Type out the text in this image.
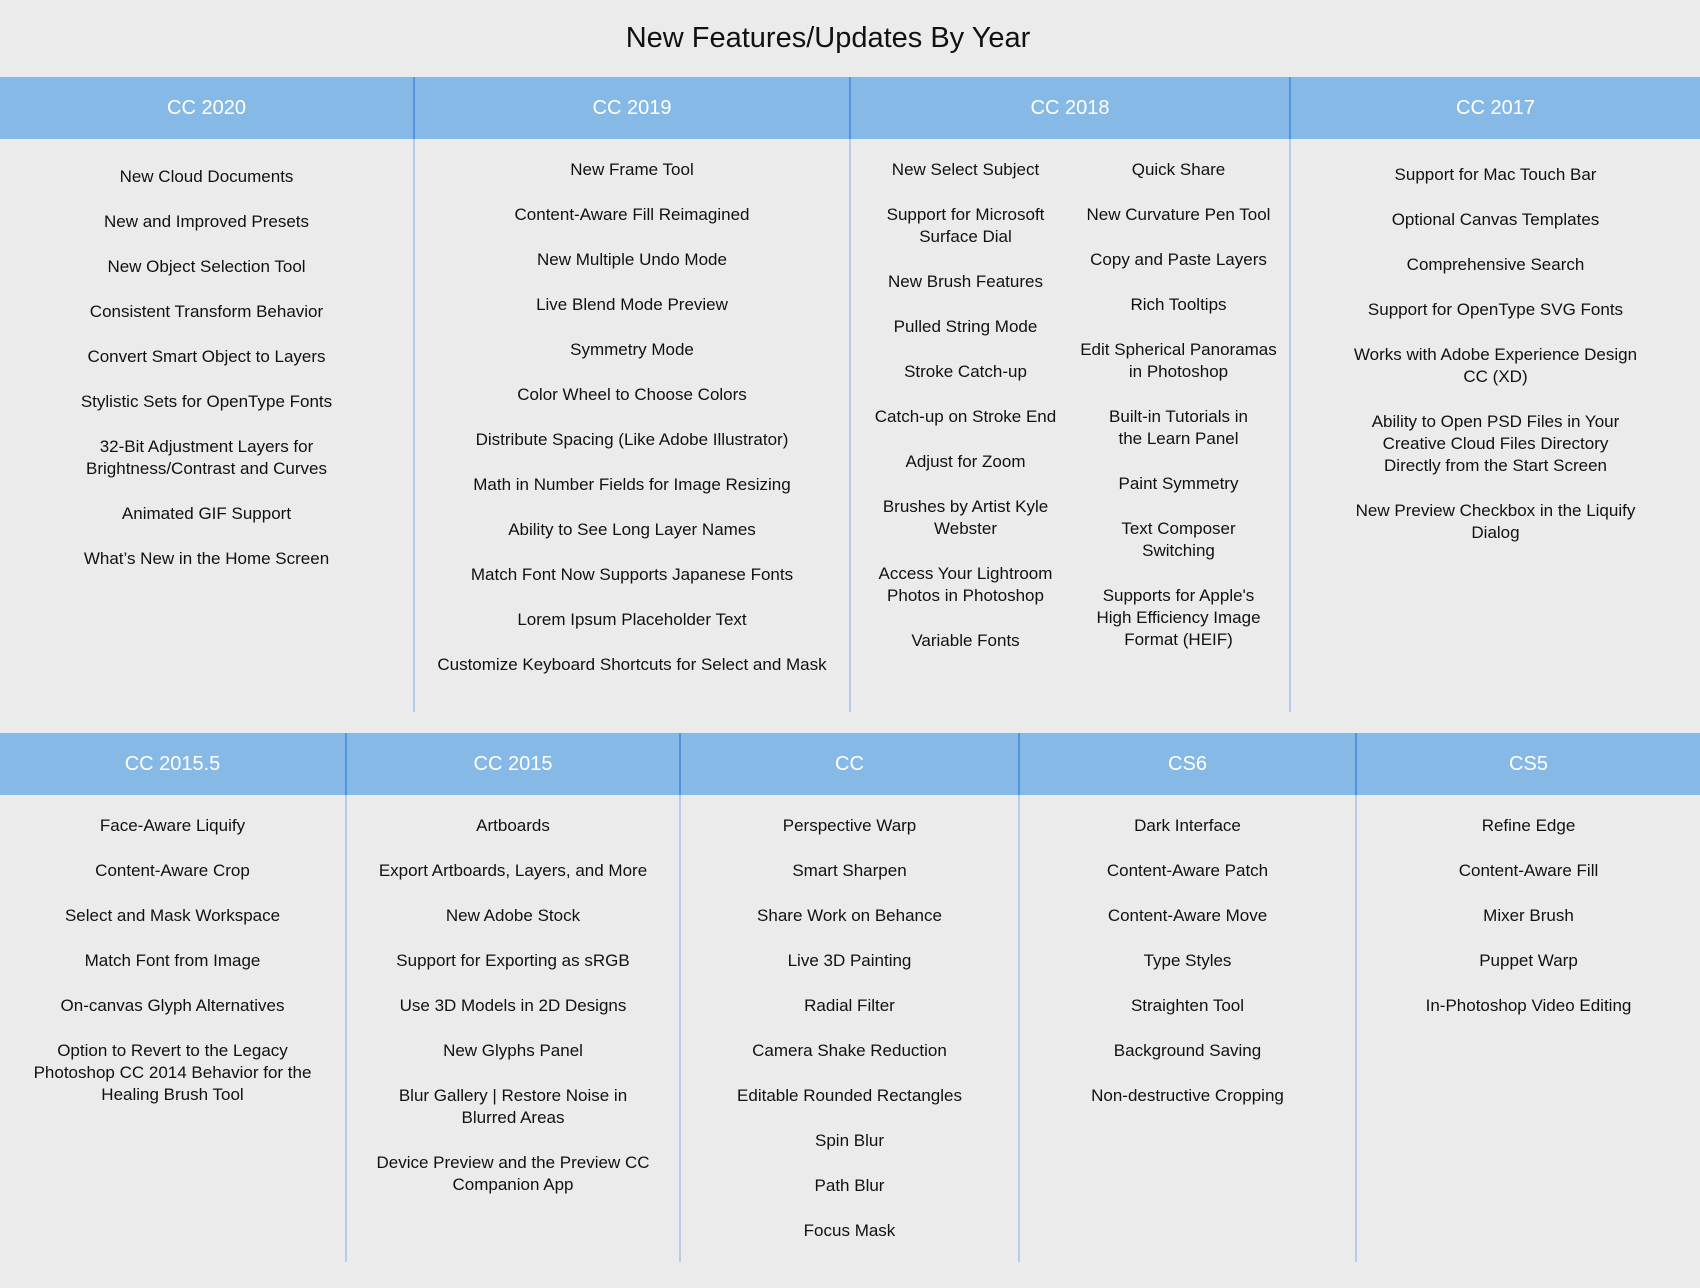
New Features/Updates By Year
CC 2020
New Cloud Documents
New and Improved Presets
New Object Selection Tool
Consistent Transform Behavior
Convert Smart Object to Layers
Stylistic Sets for OpenType Fonts
32-Bit Adjustment Layers for Brightness/Contrast and Curves
Animated GIF Support
What’s New in the Home Screen
CC 2019
New Frame Tool
Content-Aware Fill Reimagined
New Multiple Undo Mode
Live Blend Mode Preview
Symmetry Mode
Color Wheel to Choose Colors
Distribute Spacing (Like Adobe Illustrator)
Math in Number Fields for Image Resizing
Ability to See Long Layer Names
Match Font Now Supports Japanese Fonts
Lorem Ipsum Placeholder Text
Customize Keyboard Shortcuts for Select and Mask
CC 2018
New Select Subject
Support for Microsoft Surface Dial
New Brush Features
Pulled String Mode
Stroke Catch-up
Catch-up on Stroke End
Adjust for Zoom
Brushes by Artist Kyle Webster
Access Your Lightroom Photos in Photoshop
Variable Fonts
Quick Share
New Curvature Pen Tool
Copy and Paste Layers
Rich Tooltips
Edit Spherical Panoramas in Photoshop
Built-in Tutorials in the Learn Panel
Paint Symmetry
Text Composer Switching
Supports for Apple's High Efficiency Image Format (HEIF)
CC 2017
Support for Mac Touch Bar
Optional Canvas Templates
Comprehensive Search
Support for OpenType SVG Fonts
Works with Adobe Experience Design CC (XD)
Ability to Open PSD Files in Your Creative Cloud Files Directory Directly from the Start Screen
New Preview Checkbox in the Liquify Dialog
CC 2015.5
Face-Aware Liquify
Content-Aware Crop
Select and Mask Workspace
Match Font from Image
On-canvas Glyph Alternatives
Option to Revert to the Legacy Photoshop CC 2014 Behavior for the Healing Brush Tool
CC 2015
Artboards
Export Artboards, Layers, and More
New Adobe Stock
Support for Exporting as sRGB
Use 3D Models in 2D Designs
New Glyphs Panel
Blur Gallery | Restore Noise in Blurred Areas
Device Preview and the Preview CC Companion App
CC
Perspective Warp
Smart Sharpen
Share Work on Behance
Live 3D Painting
Radial Filter
Camera Shake Reduction
Editable Rounded Rectangles
Spin Blur
Path Blur
Focus Mask
CS6
Dark Interface
Content-Aware Patch
Content-Aware Move
Type Styles
Straighten Tool
Background Saving
Non-destructive Cropping
CS5
Refine Edge
Content-Aware Fill
Mixer Brush
Puppet Warp
In-Photoshop Video Editing
